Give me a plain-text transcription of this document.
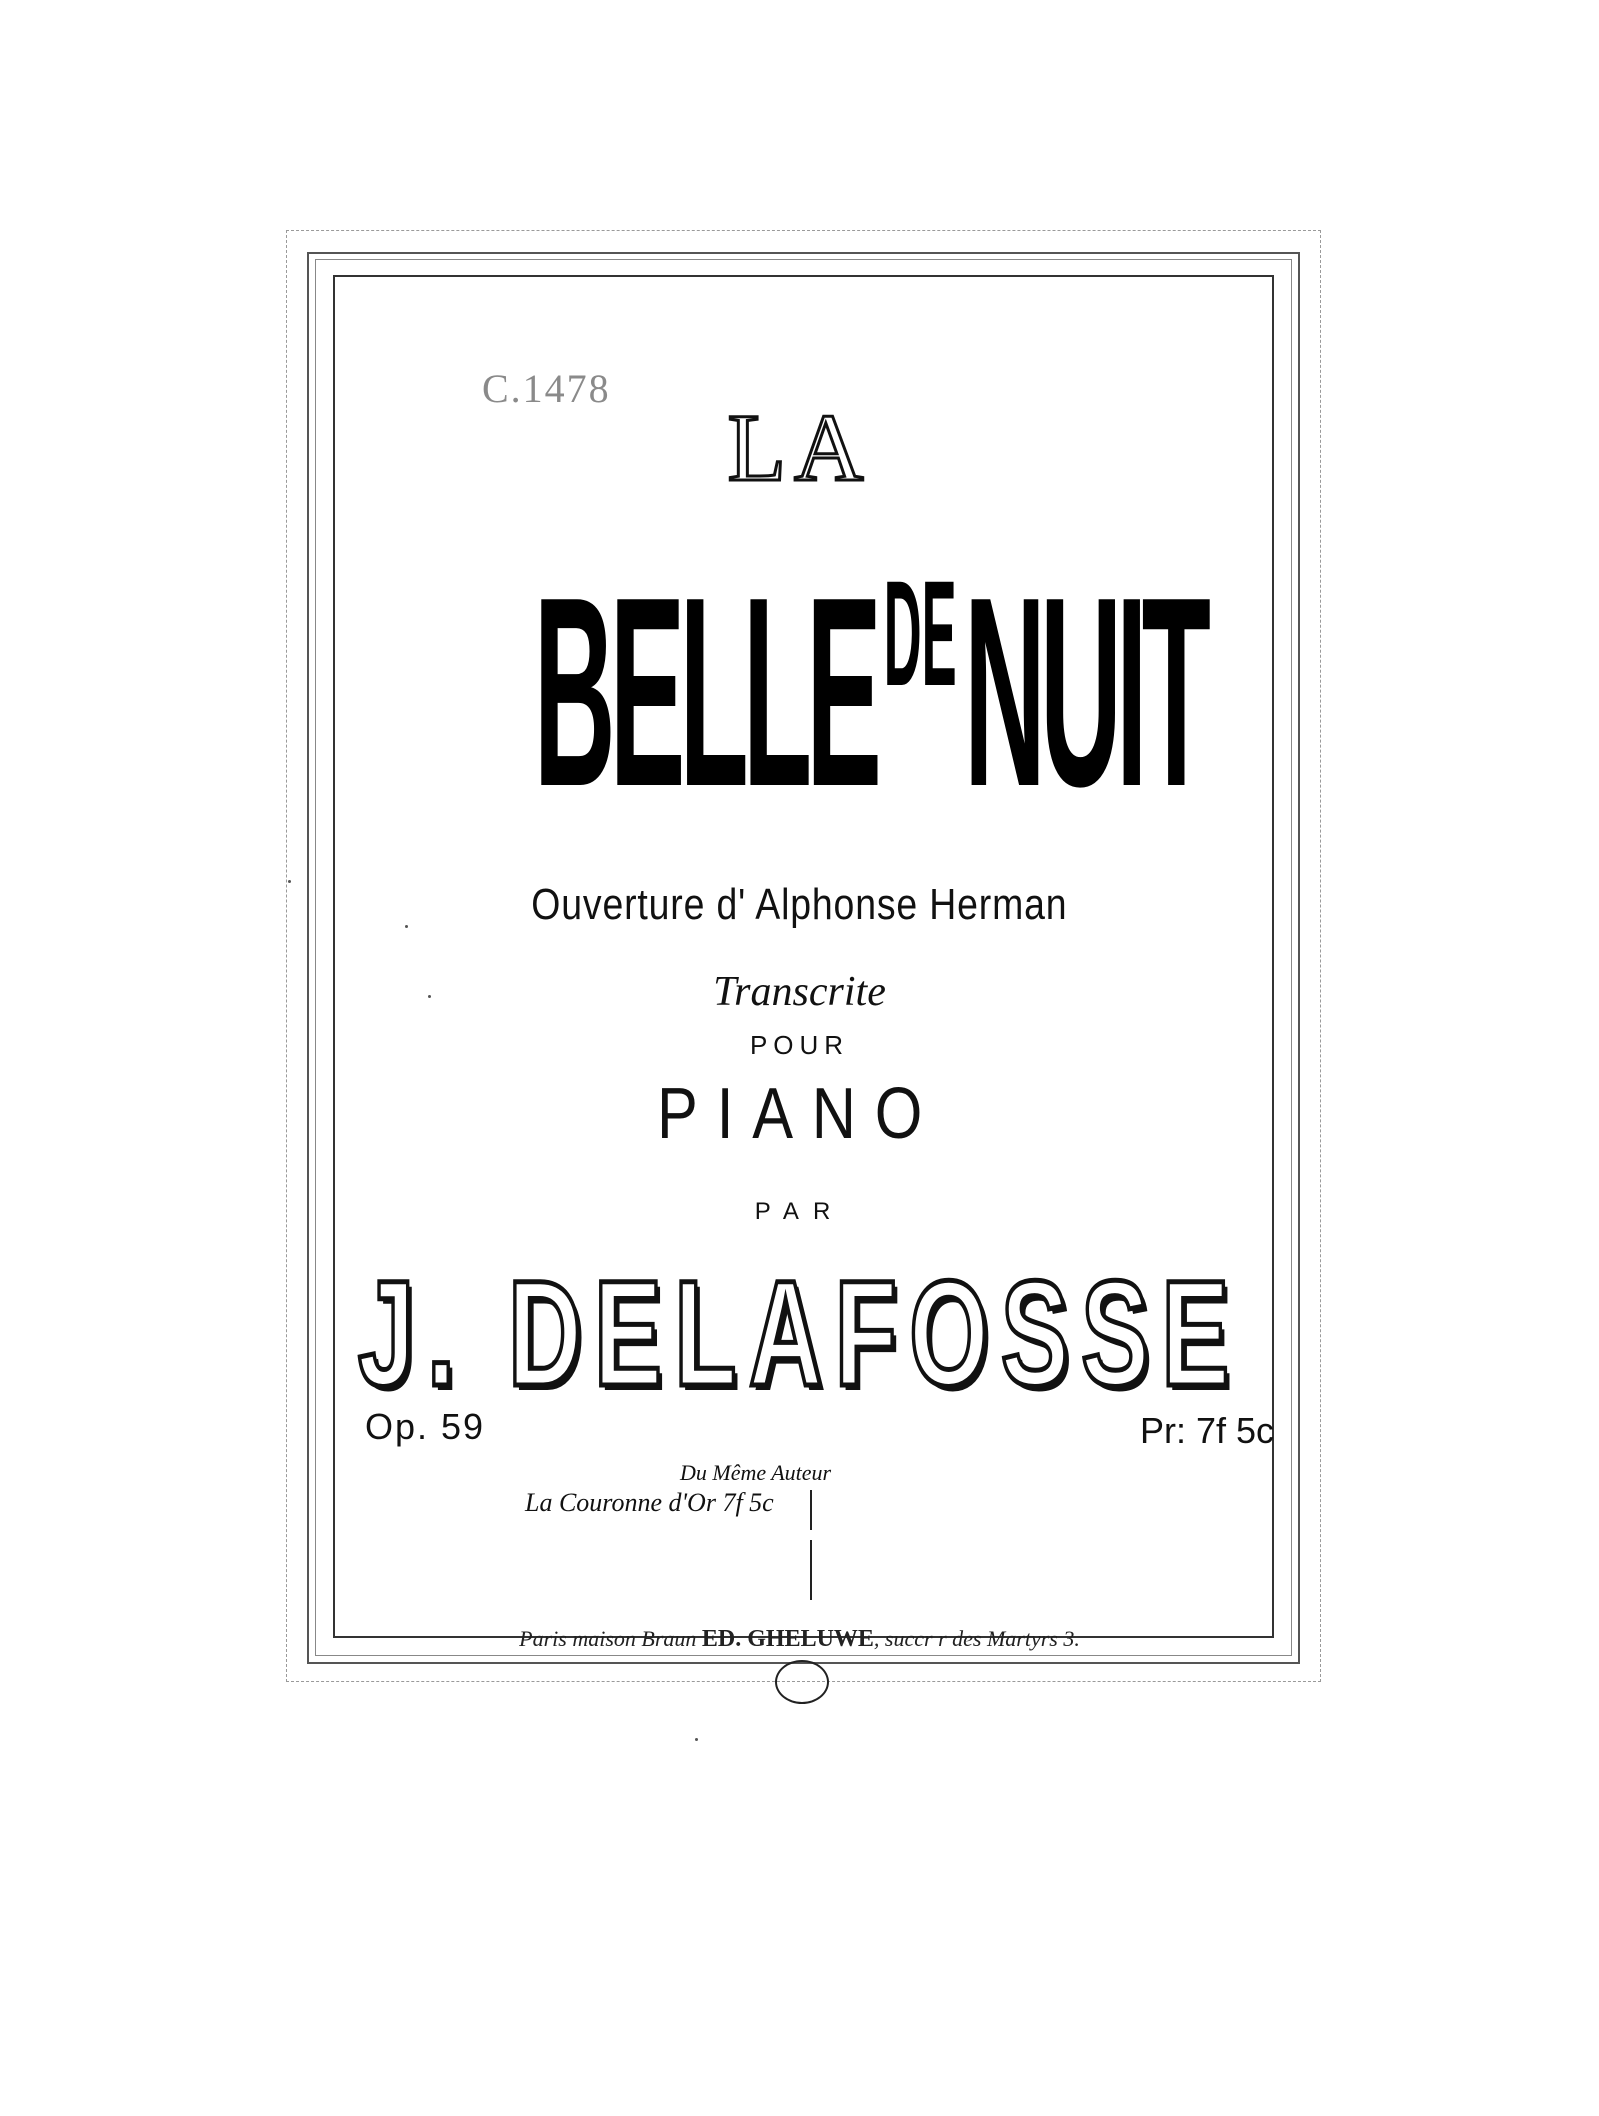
C.1478
LA
BELLEDENUIT
Ouverture d' Alphonse Herman
Transcrite
POUR
PIANO
PAR
J. DELAFOSSE
Op. 59	Pr: 7f 5c
Du Même Auteur
La Couronne d'Or 7f 5c
Paris maison Braun ED. GHELUWE, succr r des Martyrs 3.
